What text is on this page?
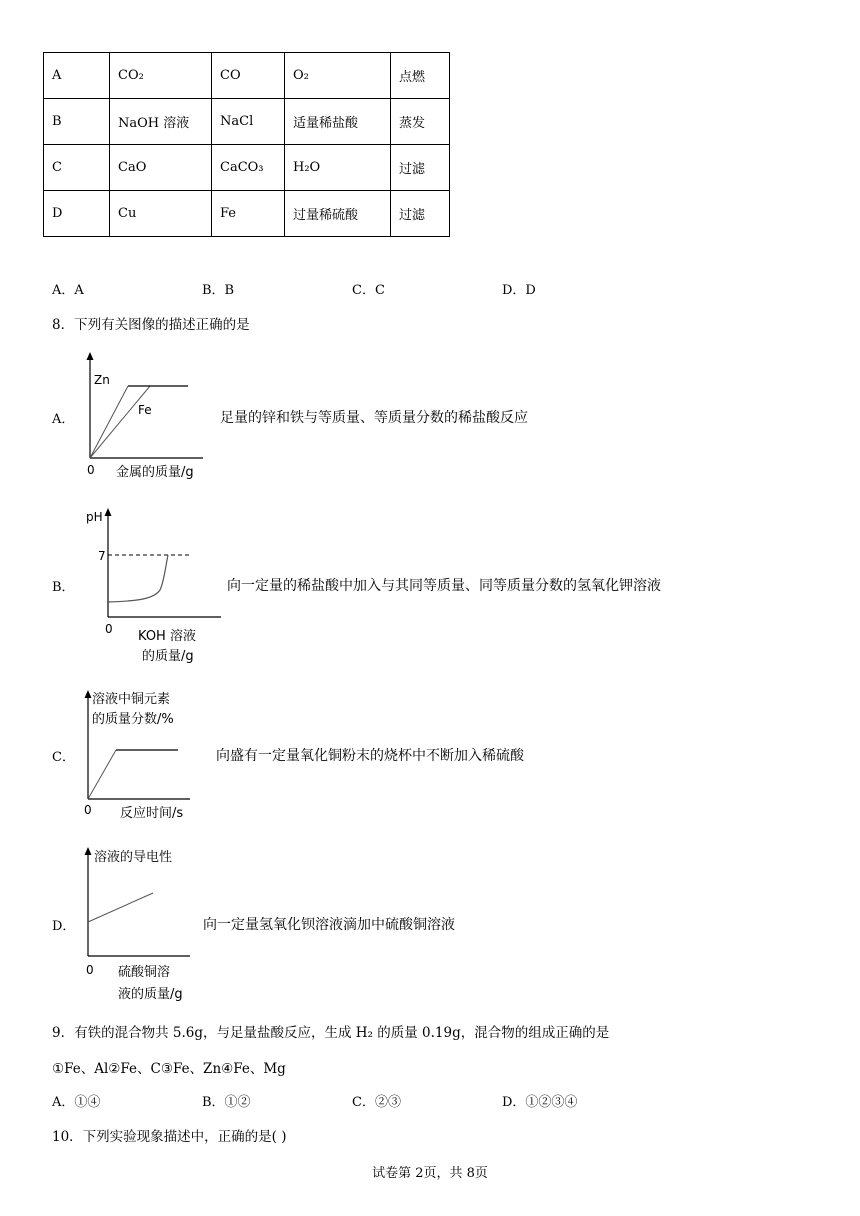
A	CO₂	CO	O₂	点燃
B	NaOH 溶液	NaCl	适量稀盐酸	蒸发
C	CaO	CaCO₃	H₂O	过滤
D	Cu	Fe	过量稀硫酸	过滤
A．A	B．B	C．C	D．D
8．下列有关图像的描述正确的是
A．
Zn
Fe
0 金属的质量/g
足量的锌和铁与等质量、等质量分数的稀盐酸反应
B．
pH
7
0 KOH 溶液
的质量/g
向一定量的稀盐酸中加入与其同等质量、同等质量分数的氢氧化钾溶液
C．
溶液中铜元素
的质量分数/%
0 反应时间/s
向盛有一定量氧化铜粉末的烧杯中不断加入稀硫酸
D．
溶液的导电性
0 硫酸铜溶
液的质量/g
向一定量氢氧化钡溶液滴加中硫酸铜溶液
9．有铁的混合物共 5.6g，与足量盐酸反应，生成 H₂ 的质量 0.19g，混合物的组成正确的是
①Fe、Al②Fe、C③Fe、Zn④Fe、Mg
A．①④	B．①②	C．②③	D．①②③④
10．下列实验现象描述中，正确的是( )
试卷第 2页，共 8页
